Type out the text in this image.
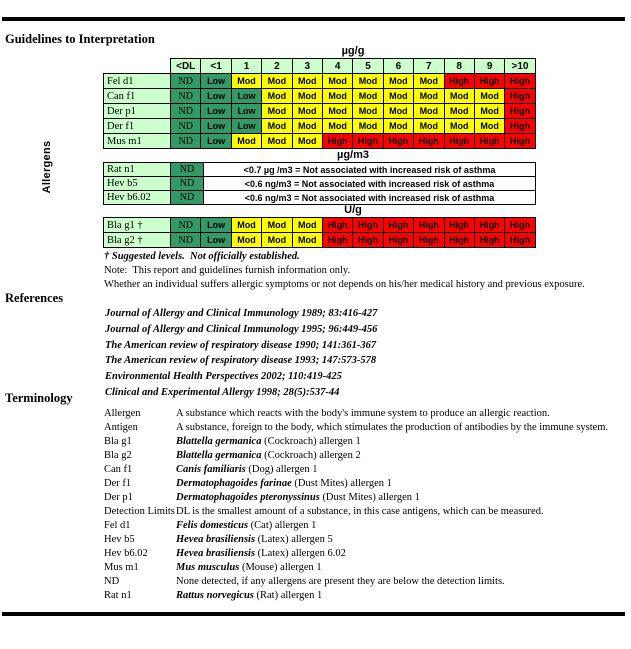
Guidelines to Interpretation
Allergens
µg/g
	<DL	<1	1	2	3	4	5	6	7	8	9	>10
Fel d1	ND	Low	Mod	Mod	Mod	Mod	Mod	Mod	Mod	High	High	High
Can f1	ND	Low	Low	Mod	Mod	Mod	Mod	Mod	Mod	Mod	Mod	High
Der p1	ND	Low	Low	Mod	Mod	Mod	Mod	Mod	Mod	Mod	Mod	High
Der f1	ND	Low	Low	Mod	Mod	Mod	Mod	Mod	Mod	Mod	Mod	High
Mus m1	ND	Low	Mod	Mod	Mod	High	High	High	High	High	High	High
µg/m3
Rat n1	ND	<0.7 µg /m3 = Not associated with increased risk of asthma
Hev b5	ND	<0.6 ng/m3 = Not associated with increased risk of asthma
Hev b6.02	ND	<0.6 ng/m3 = Not associated with increased risk of asthma
U/g
Bla g1 †	ND	Low	Mod	Mod	Mod	High	High	High	High	High	High	High
Bla g2 †	ND	Low	Mod	Mod	Mod	High	High	High	High	High	High	High
† Suggested levels.  Not officially established.
Note:  This report and guidelines furnish information only.
Whether an individual suffers allergic symptoms or not depends on his/her medical history and previous exposure.
References
Journal of Allergy and Clinical Immunology 1989; 83:416-427
Journal of Allergy and Clinical Immunology 1995; 96:449-456
The American review of respiratory disease 1990; 141:361-367
The American review of respiratory disease 1993; 147:573-578
Environmental Health Perspectives 2002; 110:419-425
Clinical and Experimental Allergy 1998; 28(5):537-44
Terminology
Allergen	A substance which reacts with the body's immune system to produce an allergic reaction.
Antigen	A substance, foreign to the body, which stimulates the production of antibodies by the immune system.
Bla g1	Blattella germanica (Cockroach) allergen 1
Bla g2	Blattella germanica (Cockroach) allergen 2
Can f1	Canis familiaris (Dog) allergen 1
Der f1	Dermatophagoides farinae (Dust Mites) allergen 1
Der p1	Dermatophagoides pteronyssinus (Dust Mites) allergen 1
Detection Limits DL is the smallest amount of a substance, in this case antigens, which can be measured.
Fel d1	Felis domesticus (Cat) allergen 1
Hev b5	Hevea brasiliensis (Latex) allergen 5
Hev b6.02	Hevea brasiliensis (Latex) allergen 6.02
Mus m1	Mus musculus (Mouse) allergen 1
ND	None detected, if any allergens are present they are below the detection limits.
Rat n1	Rattus norvegicus (Rat) allergen 1
